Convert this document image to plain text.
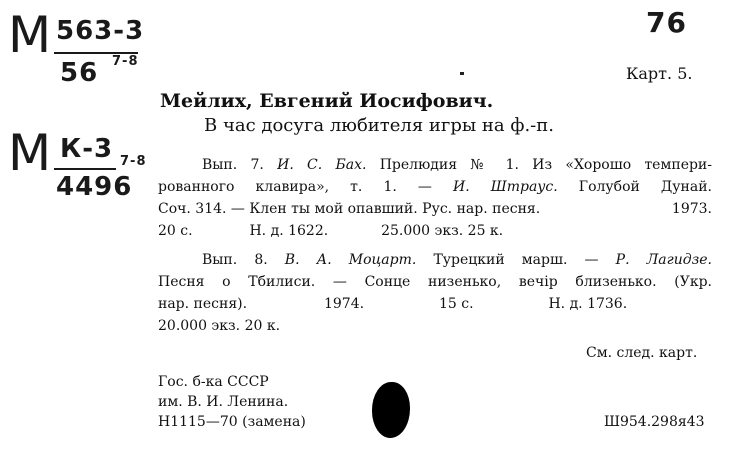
M 563-3
56 7-8
M К-3
4496
7-8
76
Карт. 5.
Мейлих, Евгений Иосифович.
В час досуга любителя игры на ф.-п.
Вып. 7. И. С. Бах. Прелюдия № 1. Из «Хорошо темпери-
рованного клавира», т. 1. — И. Штраус. Голубой Дунай.
Соч. 314. — Клен ты мой опавший. Рус. нар. песня.	1973.
20 с.	Н. д. 1622.	25.000 экз. 25 к.
Вып. 8. В. А. Моцарт. Турецкий марш. — Р. Лагидзе.
Песня о Тбилиси. — Сонце низенько, вечір близенько. (Укр.
нар. песня).	1974.	15 с.	Н. д. 1736.
20.000 экз. 20 к.
См. след. карт.
Гос. б-ка СССР
им. В. И. Ленина.
Н1115—70 (замена)	Ш954.298я43
